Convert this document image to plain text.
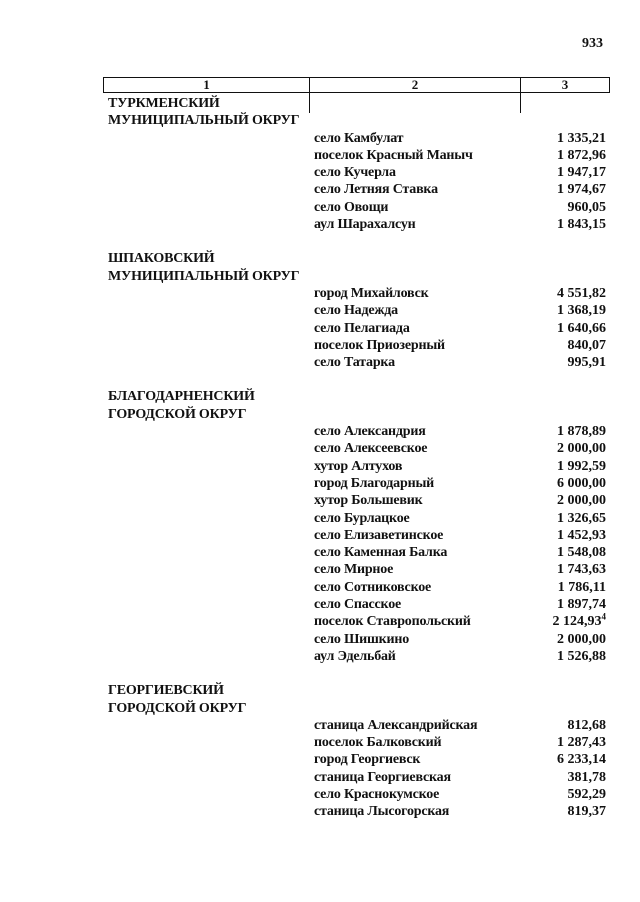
933
1	2	3
ТУРКМЕНСКИЙ
МУНИЦИПАЛЬНЫЙ ОКРУГ
село Камбулат	1 335,21
поселок Красный Маныч	1 872,96
село Кучерла	1 947,17
село Летняя Ставка	1 974,67
село Овощи	960,05
аул Шарахалсун	1 843,15
ШПАКОВСКИЙ
МУНИЦИПАЛЬНЫЙ ОКРУГ
город Михайловск	4 551,82
село Надежда	1 368,19
село Пелагиада	1 640,66
поселок Приозерный	840,07
село Татарка	995,91
БЛАГОДАРНЕНСКИЙ
ГОРОДСКОЙ ОКРУГ
село Александрия	1 878,89
село Алексеевское	2 000,00
хутор Алтухов	1 992,59
город Благодарный	6 000,00
хутор Большевик	2 000,00
село Бурлацкое	1 326,65
село Елизаветинское	1 452,93
село Каменная Балка	1 548,08
село Мирное	1 743,63
село Сотниковское	1 786,11
село Спасское	1 897,74
поселок Ставропольский	2 124,93$^4$
село Шишкино	2 000,00
аул Эдельбай	1 526,88
ГЕОРГИЕВСКИЙ
ГОРОДСКОЙ ОКРУГ
станица Александрийская	812,68
поселок Балковский	1 287,43
город Георгиевск	6 233,14
станица Георгиевская	381,78
село Краснокумское	592,29
станица Лысогорская	819,37
